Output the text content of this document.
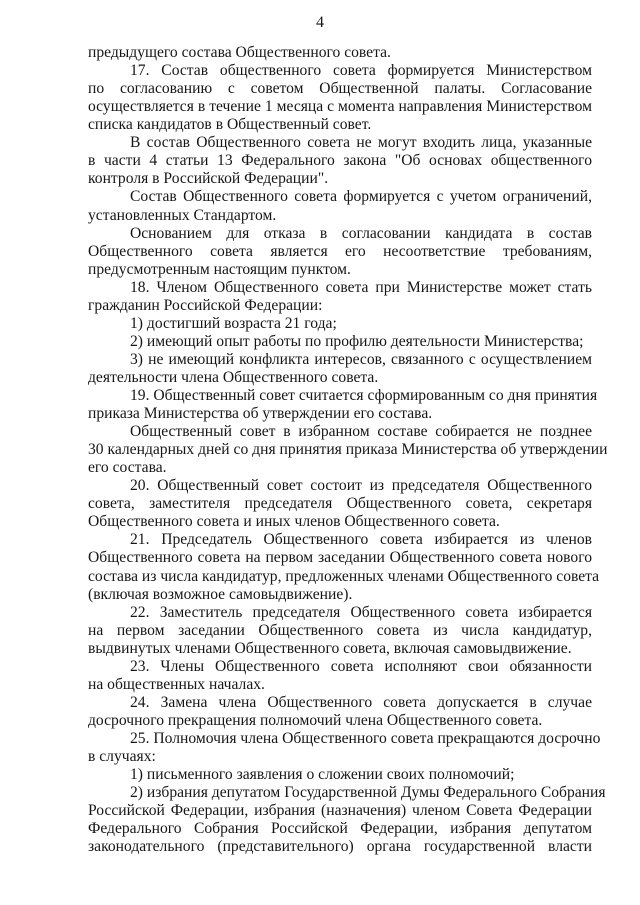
4
предыдущего состава Общественного совета.
17. Состав общественного совета формируется Министерством
по согласованию с советом Общественной палаты. Согласование
осуществляется в течение 1 месяца с момента направления Министерством
списка кандидатов в Общественный совет.
В состав Общественного совета не могут входить лица, указанные
в части 4 статьи 13 Федерального закона "Об основах общественного
контроля в Российской Федерации".
Состав Общественного совета формируется с учетом ограничений,
установленных Стандартом.
Основанием для отказа в согласовании кандидата в состав
Общественного совета является его несоответствие требованиям,
предусмотренным настоящим пунктом.
18. Членом Общественного совета при Министерстве может стать
гражданин Российской Федерации:
1) достигший возраста 21 года;
2) имеющий опыт работы по профилю деятельности Министерства;
3) не имеющий конфликта интересов, связанного с осуществлением
деятельности члена Общественного совета.
19. Общественный совет считается сформированным со дня принятия
приказа Министерства об утверждении его состава.
Общественный совет в избранном составе собирается не позднее
30 календарных дней со дня принятия приказа Министерства об утверждении
его состава.
20. Общественный совет состоит из председателя Общественного
совета, заместителя председателя Общественного совета, секретаря
Общественного совета и иных членов Общественного совета.
21. Председатель Общественного совета избирается из членов
Общественного совета на первом заседании Общественного совета нового
состава из числа кандидатур, предложенных членами Общественного совета
(включая возможное самовыдвижение).
22. Заместитель председателя Общественного совета избирается
на первом заседании Общественного совета из числа кандидатур,
выдвинутых членами Общественного совета, включая самовыдвижение.
23. Члены Общественного совета исполняют свои обязанности
на общественных началах.
24. Замена члена Общественного совета допускается в случае
досрочного прекращения полномочий члена Общественного совета.
25. Полномочия члена Общественного совета прекращаются досрочно
в случаях:
1) письменного заявления о сложении своих полномочий;
2) избрания депутатом Государственной Думы Федерального Собрания
Российской Федерации, избрания (назначения) членом Совета Федерации
Федерального Собрания Российской Федерации, избрания депутатом
законодательного (представительного) органа государственной власти
